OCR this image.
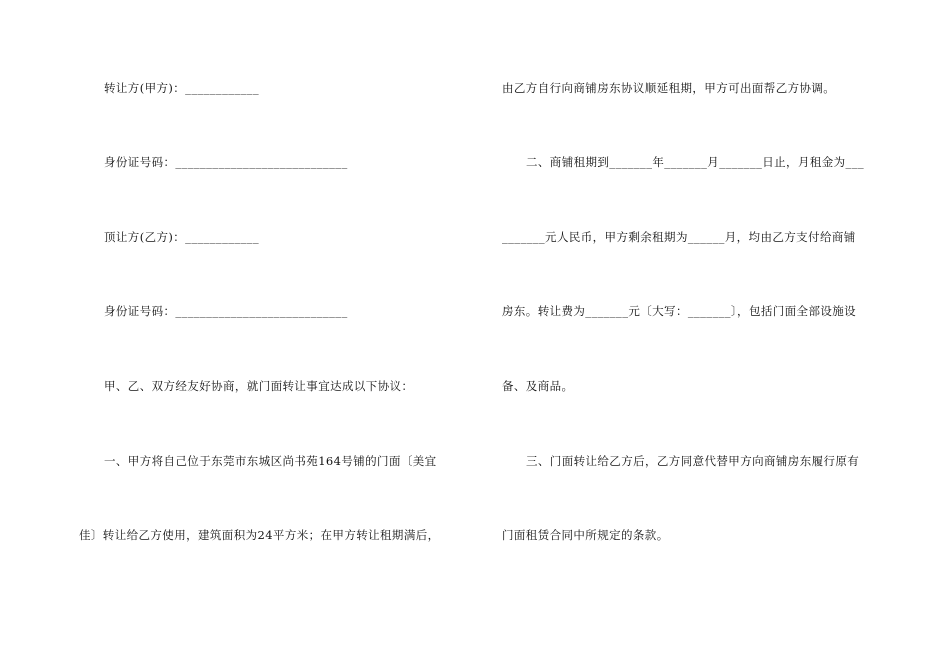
转让方(甲方)：____________

身份证号码：____________________________

顶让方(乙方)：____________

身份证号码：____________________________

甲、乙、双方经友好协商，就门面转让事宜达成以下协议：

一、甲方将自己位于东莞市东城区尚书苑164号铺的门面〔美宜

佳〕转让给乙方使用，建筑面积为24平方米；在甲方转让租期满后，

由乙方自行向商铺房东协议顺延租期，甲方可出面帮乙方协调。

二、商铺租期到_______年_______月_______日止，月租金为___

_______元人民币，甲方剩余租期为______月，均由乙方支付给商铺

房东。转让费为_______元〔大写：_______〕，包括门面全部设施设

备、及商品。

三、门面转让给乙方后，乙方同意代替甲方向商铺房东履行原有

门面租赁合同中所规定的条款。
